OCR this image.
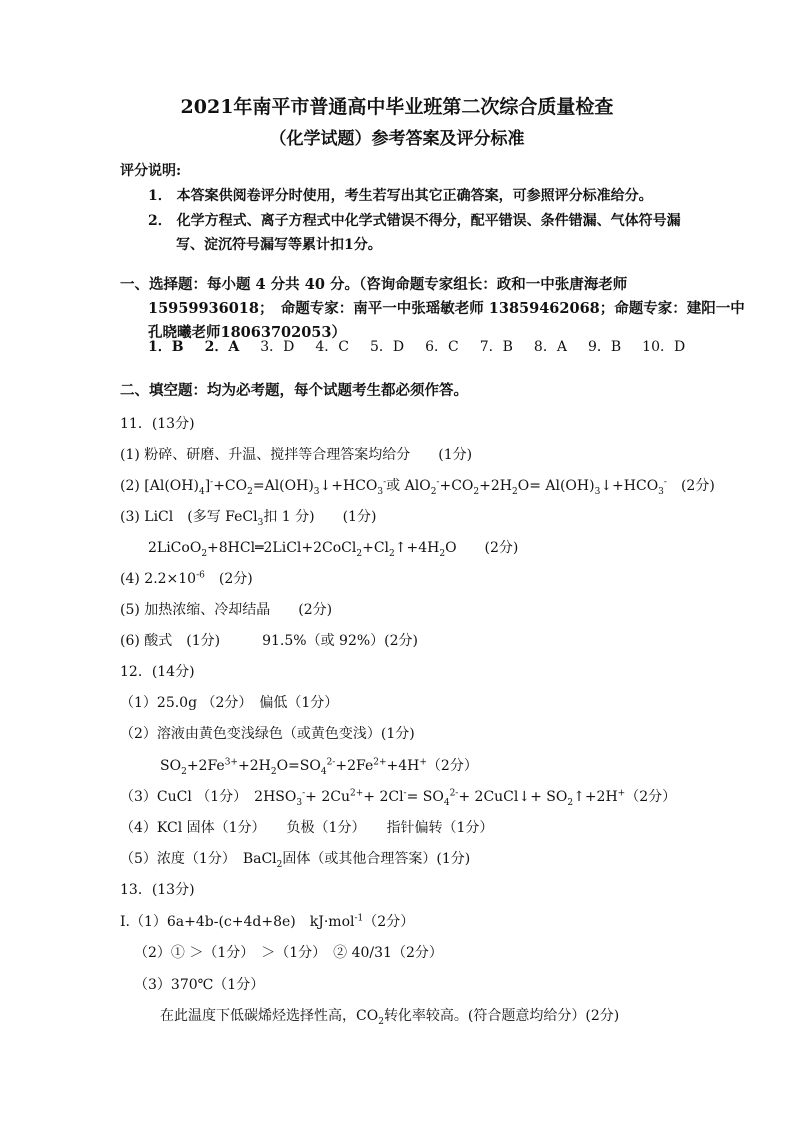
2021年南平市普通高中毕业班第二次综合质量检查
（化学试题）参考答案及评分标准
评分说明:
1． 本答案供阅卷评分时使用，考生若写出其它正确答案，可参照评分标准给分。
2． 化学方程式、离子方程式中化学式错误不得分，配平错误、条件错漏、气体符号漏
写、淀沉符号漏写等累计扣1分。
一、选择题：每小题 4 分共 40 分。（咨询命题专家组长：政和一中张唐海老师
15959936018；　命题专家：南平一中张瑶敏老师 13859462068；命题专家：建阳一中
孔晓曦老师18063702053）
1．B 2．A 3．D 4．C 5．D 6．C 7．B 8．A 9．B 10．D
二、填空题：均为必考题，每个试题考生都必须作答。
11．(13分)
(1) 粉碎、研磨、升温、搅拌等合理答案均给分　　(1分)
(2) $[Al(OH)_4]^-+CO_2=Al(OH)_3↓+HCO_3^-$或 $AlO_2^-+CO_2+2H_2O=$ $Al(OH)_3↓+HCO_3^-$　(2分)
(3) LiCl　(多写 FeCl$_3$扣 1 分)　　(1分)
$2LiCoO_2+8HCl═2LiCl+2CoCl_2+Cl_2↑+4H_2O$　　(2分)
(4) $2.2\times 10^{-6}$　(2分)
(5) 加热浓缩、冷却结晶　　(2分)
(6) 酸式　(1分)　　　91.5%（或 92%）(2分)
12．(14分)
（1）25.0g （2分）　偏低（1分）
（2）溶液由黄色变浅绿色（或黄色变浅）(1分)
$SO_2+2Fe^{3+}+2H_2O=SO_4^{2-}+2Fe^{2+}+4H^+(2$分）
（3）CuCl （1分）　$2HSO_3^-+ 2Cu^{2+}+ 2Cl^-= SO_4^{2-}+$ 2CuCl↓+ $SO_2↑+2H^+(2$分）
（4）KCl 固体（1分）　　负极（1分）　　指针偏转（1分）
（5）浓度（1分）　BaCl$_2$固体（或其他合理答案）(1分)
13．(13分)
I.（1）6a+4b-(c+4d+8e)　kJ·mol$^{-1}$（2分）
（2）① ＞（1分）　＞（1分）　② 40/31（2分）
（3）370℃（1分）
在此温度下低碳烯烃选择性高，$CO_2$转化率较高。(符合题意均给分）(2分)
